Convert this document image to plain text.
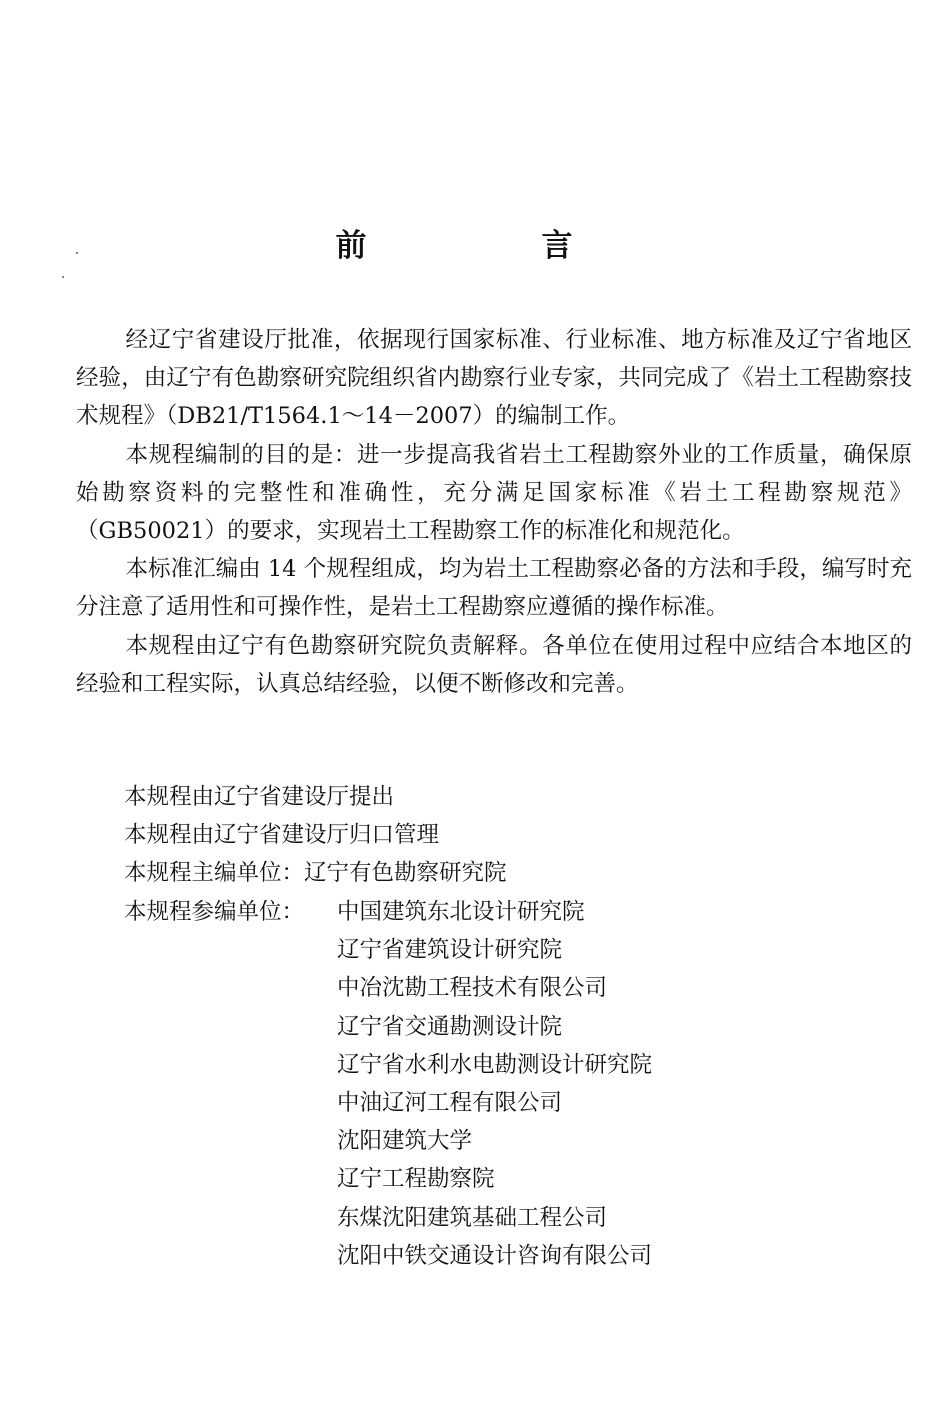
前　言

经辽宁省建设厅批准，依据现行国家标准、行业标准、地方标准及辽宁省地区经验，由辽宁有色勘察研究院组织省内勘察行业专家，共同完成了《岩土工程勘察技术规程》（DB21/T1564.1～14－2007）的编制工作。

本规程编制的目的是：进一步提高我省岩土工程勘察外业的工作质量，确保原始勘察资料的完整性和准确性，充分满足国家标准《岩土工程勘察规范》（GB50021）的要求，实现岩土工程勘察工作的标准化和规范化。

本标准汇编由 14 个规程组成，均为岩土工程勘察必备的方法和手段，编写时充分注意了适用性和可操作性，是岩土工程勘察应遵循的操作标准。

本规程由辽宁有色勘察研究院负责解释。各单位在使用过程中应结合本地区的经验和工程实际，认真总结经验，以便不断修改和完善。

本规程由辽宁省建设厅提出
本规程由辽宁省建设厅归口管理
本规程主编单位：辽宁有色勘察研究院
本规程参编单位： 中国建筑东北设计研究院
辽宁省建筑设计研究院
中冶沈勘工程技术有限公司
辽宁省交通勘测设计院
辽宁省水利水电勘测设计研究院
中油辽河工程有限公司
沈阳建筑大学
辽宁工程勘察院
东煤沈阳建筑基础工程公司
沈阳中铁交通设计咨询有限公司
